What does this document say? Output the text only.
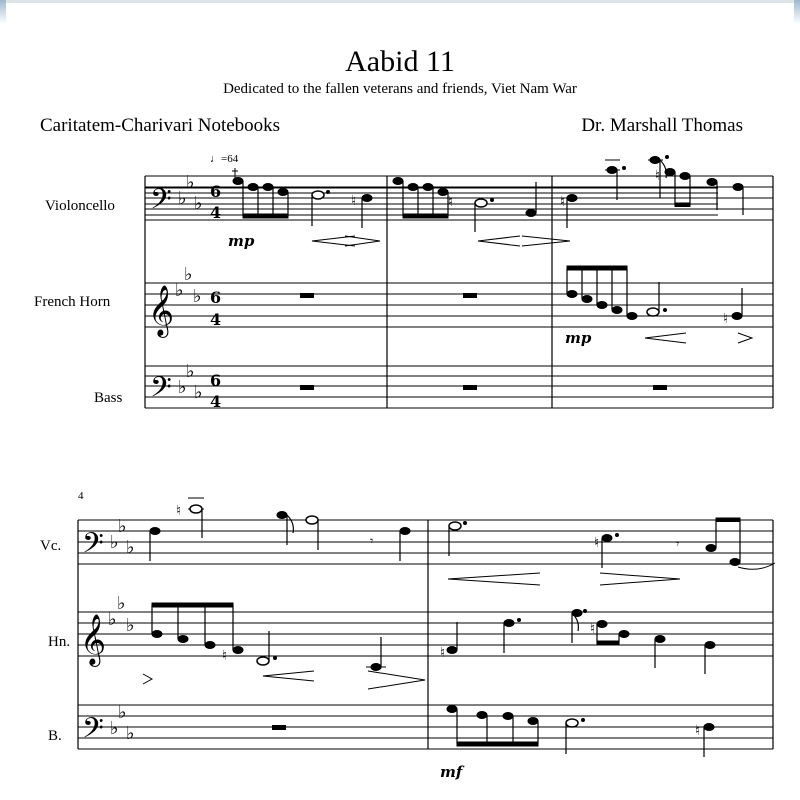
Aabid 11
Dedicated to the fallen veterans and friends, Viet Nam War
Caritatem-Charivari Notebooks	Dr. Marshall Thomas
♩=64
Violoncello
French Horn
Bass
4
Vc.
Hn.
B.
𝄢
𝄞
𝄢
♭
♭
♭
♭
♭
♭
♭
♭
♭
6
4
6
4
6
4
♮
mp
♮	♮
♮
♮
mp
𝄢
𝄞
𝄢
♭
♭
♭
♭
♭
♭
♭
♭
♭
♮
𝄾	♮	𝄾
♮	♮
♮
♮
mf
